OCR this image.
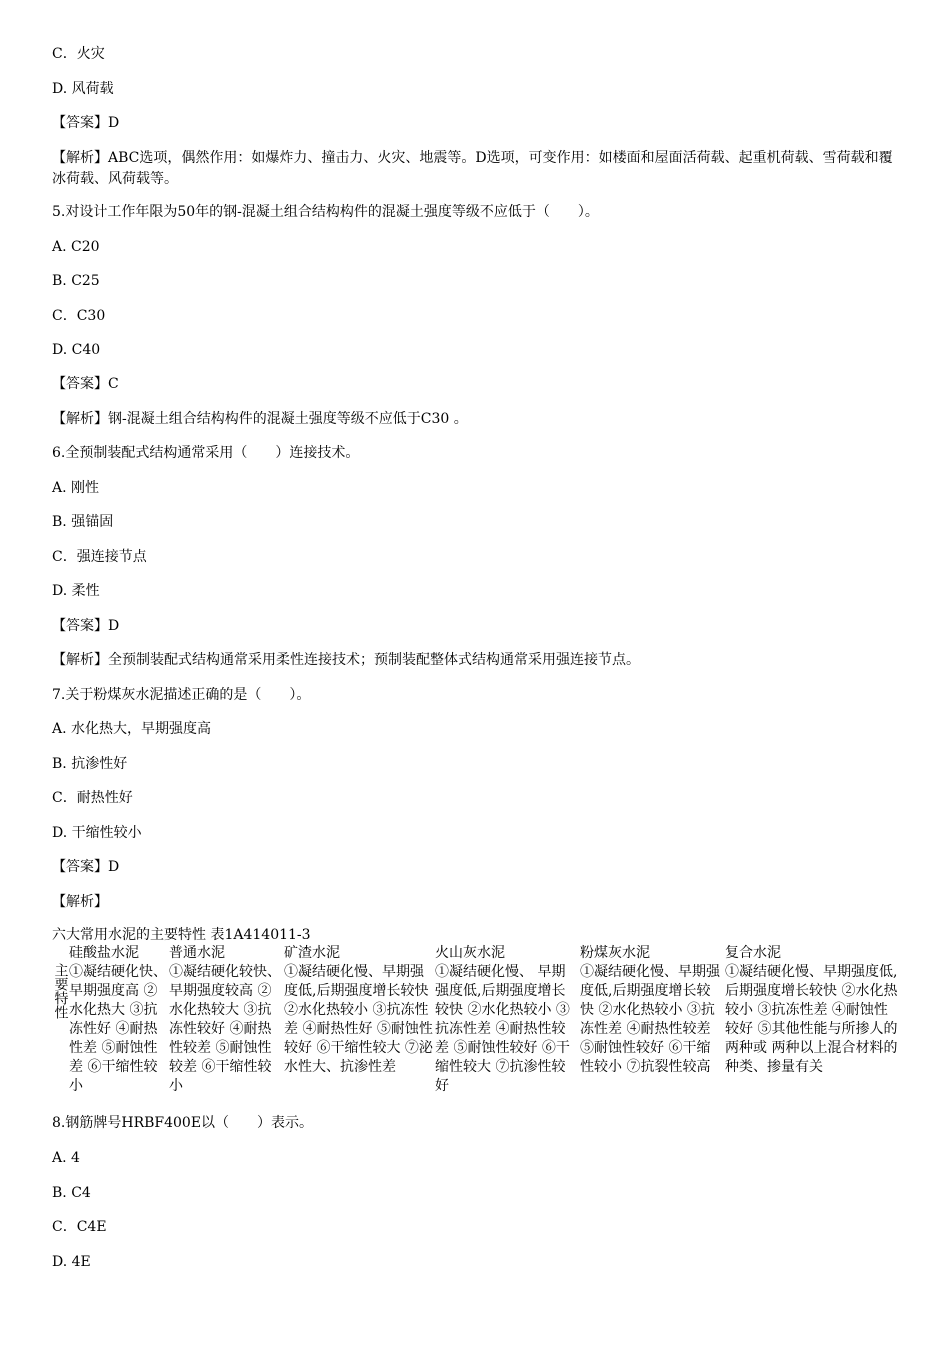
C．火灾
D. 风荷载
【答案】D
【解析】ABC选项，偶然作用：如爆炸力、撞击力、火灾、地震等。D选项，可变作用：如楼面和屋面活荷载、起重机荷载、雪荷载和覆冰荷载、风荷载等。
5.对设计工作年限为50年的钢-混凝土组合结构构件的混凝土强度等级不应低于（　　）。
A. C20
B. C25
C．C30
D. C40
【答案】C
【解析】钢-混凝土组合结构构件的混凝土强度等级不应低于C30 。
6.全预制装配式结构通常采用（　　）连接技术。
A. 刚性
B. 强锚固
C．强连接节点
D. 柔性
【答案】D
【解析】全预制装配式结构通常采用柔性连接技术；预制装配整体式结构通常采用强连接节点。
7.关于粉煤灰水泥描述正确的是（　　）。
A. 水化热大，早期强度高
B. 抗渗性好
C．耐热性好
D. 干缩性较小
【答案】D
【解析】
六大常用水泥的主要特性 表1A414011-3
	硅酸盐水泥	普通水泥	矿渣水泥	火山灰水泥	粉煤灰水泥	复合水泥
主要特性	①凝结硬化快、早期强度高 ②水化热大 ③抗冻性好 ④耐热性差 ⑤耐蚀性差 ⑥干缩性较小	①凝结硬化较快、早期强度较高 ②水化热较大 ③抗冻性较好 ④耐热性较差 ⑤耐蚀性较差 ⑥干缩性较小	①凝结硬化慢、早期强度低,后期强度增长较快 ②水化热较小 ③抗冻性差 ④耐热性好 ⑤耐蚀性较好 ⑥干缩性较大 ⑦泌水性大、抗渗性差	①凝结硬化慢、 早期强度低,后期强度增长较快 ②水化热较小 ③抗冻性差 ④耐热性较差 ⑤耐蚀性较好 ⑥干缩性较大 ⑦抗渗性较好	①凝结硬化慢、早期强度低,后期强度增长较快 ②水化热较小 ③抗冻性差 ④耐热性较差 ⑤耐蚀性较好 ⑥干缩性较小 ⑦抗裂性较高	①凝结硬化慢、早期强度低,后期强度增长较快 ②水化热较小 ③抗冻性差 ④耐蚀性较好 ⑤其他性能与所掺人的两种或 两种以上混合材料的种类、掺量有关
8.钢筋牌号HRBF400E以（　　）表示。
A. 4
B. C4
C．C4E
D. 4E
